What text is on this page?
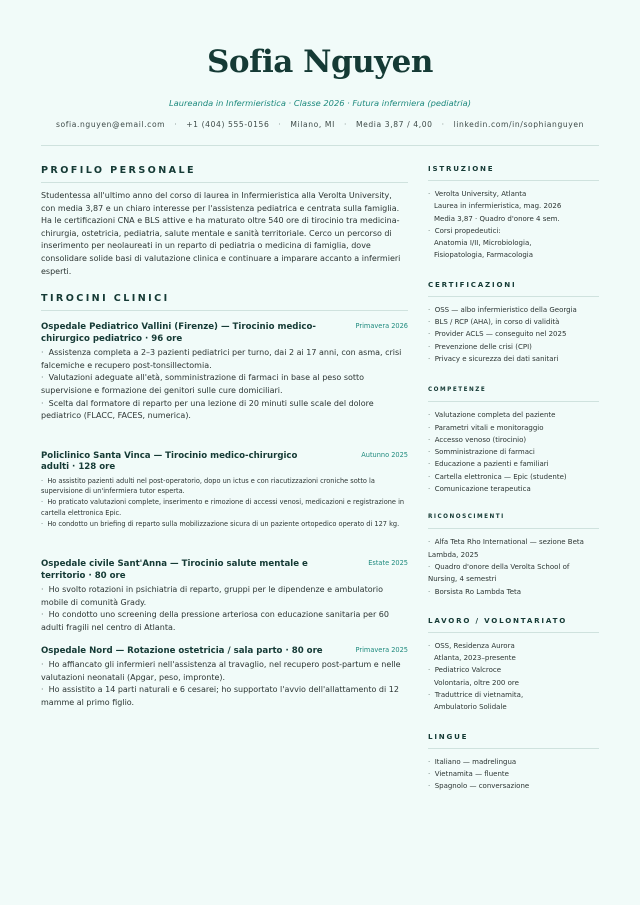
Sofia Nguyen
Laureanda in Infermieristica · Classe 2026 · Futura infermiera (pediatria)
sofia.nguyen@email.com · +1 (404) 555-0156 · Milano, MI · Media 3,87 / 4,00 · linkedin.com/in/sophianguyen
PROFILO PERSONALE
Studentessa all'ultimo anno del corso di laurea in Infermieristica alla Verolta University, con media 3,87 e un chiaro interesse per l'assistenza pediatrica e centrata sulla famiglia. Ha le certificazioni CNA e BLS attive e ha maturato oltre 540 ore di tirocinio tra medicina-chirurgia, ostetricia, pediatria, salute mentale e sanità territoriale. Cerco un percorso di inserimento per neolaureati in un reparto di pediatria o medicina di famiglia, dove consolidare solide basi di valutazione clinica e continuare a imparare accanto a infermieri esperti.
TIROCINI CLINICI
Ospedale Pediatrico Vallini (Firenze) — Tirocinio medico-chirurgico pediatrico · 96 ore
Primavera 2026
· Assistenza completa a 2–3 pazienti pediatrici per turno, dai 2 ai 17 anni, con asma, crisi falcemiche e recupero post-tonsillectomia.
· Valutazioni adeguate all'età, somministrazione di farmaci in base al peso sotto supervisione e formazione dei genitori sulle cure domiciliari.
· Scelta dal formatore di reparto per una lezione di 20 minuti sulle scale del dolore pediatrico (FLACC, FACES, numerica).
Policlinico Santa Vinca — Tirocinio medico-chirurgico adulti · 128 ore
Autunno 2025
· Ho assistito pazienti adulti nel post-operatorio, dopo un ictus e con riacutizzazioni croniche sotto la supervisione di un'infermiera tutor esperta.
· Ho praticato valutazioni complete, inserimento e rimozione di accessi venosi, medicazioni e registrazione in cartella elettronica Epic.
· Ho condotto un briefing di reparto sulla mobilizzazione sicura di un paziente ortopedico operato di 127 kg.
Ospedale civile Sant'Anna — Tirocinio salute mentale e territorio · 80 ore
Estate 2025
· Ho svolto rotazioni in psichiatria di reparto, gruppi per le dipendenze e ambulatorio mobile di comunità Grady.
· Ho condotto uno screening della pressione arteriosa con educazione sanitaria per 60 adulti fragili nel centro di Atlanta.
Ospedale Nord — Rotazione ostetricia / sala parto · 80 ore	Primavera 2025
· Ho affiancato gli infermieri nell'assistenza al travaglio, nel recupero post-partum e nelle valutazioni neonatali (Apgar, peso, impronte).
· Ho assistito a 14 parti naturali e 6 cesarei; ho supportato l'avvio dell'allattamento di 12 mamme al primo figlio.
ISTRUZIONE
· Verolta University, Atlanta
Laurea in infermieristica, mag. 2026
Media 3,87 · Quadro d'onore 4 sem.
· Corsi propedeutici:
Anatomia I/II, Microbiologia,
Fisiopatologia, Farmacologia
CERTIFICAZIONI
· OSS — albo infermieristico della Georgia
· BLS / RCP (AHA), in corso di validità
· Provider ACLS — conseguito nel 2025
· Prevenzione delle crisi (CPI)
· Privacy e sicurezza dei dati sanitari
COMPETENZE
· Valutazione completa del paziente
· Parametri vitali e monitoraggio
· Accesso venoso (tirocinio)
· Somministrazione di farmaci
· Educazione a pazienti e familiari
· Cartella elettronica — Epic (studente)
· Comunicazione terapeutica
RICONOSCIMENTI
· Alfa Teta Rho International — sezione Beta Lambda, 2025
· Quadro d'onore della Verolta School of Nursing, 4 semestri
· Borsista Ro Lambda Teta
LAVORO / VOLONTARIATO
· OSS, Residenza Aurora
Atlanta, 2023–presente
· Pediatrico Valcroce
Volontaria, oltre 200 ore
· Traduttrice di vietnamita,
Ambulatorio Solidale
LINGUE
· Italiano — madrelingua
· Vietnamita — fluente
· Spagnolo — conversazione
